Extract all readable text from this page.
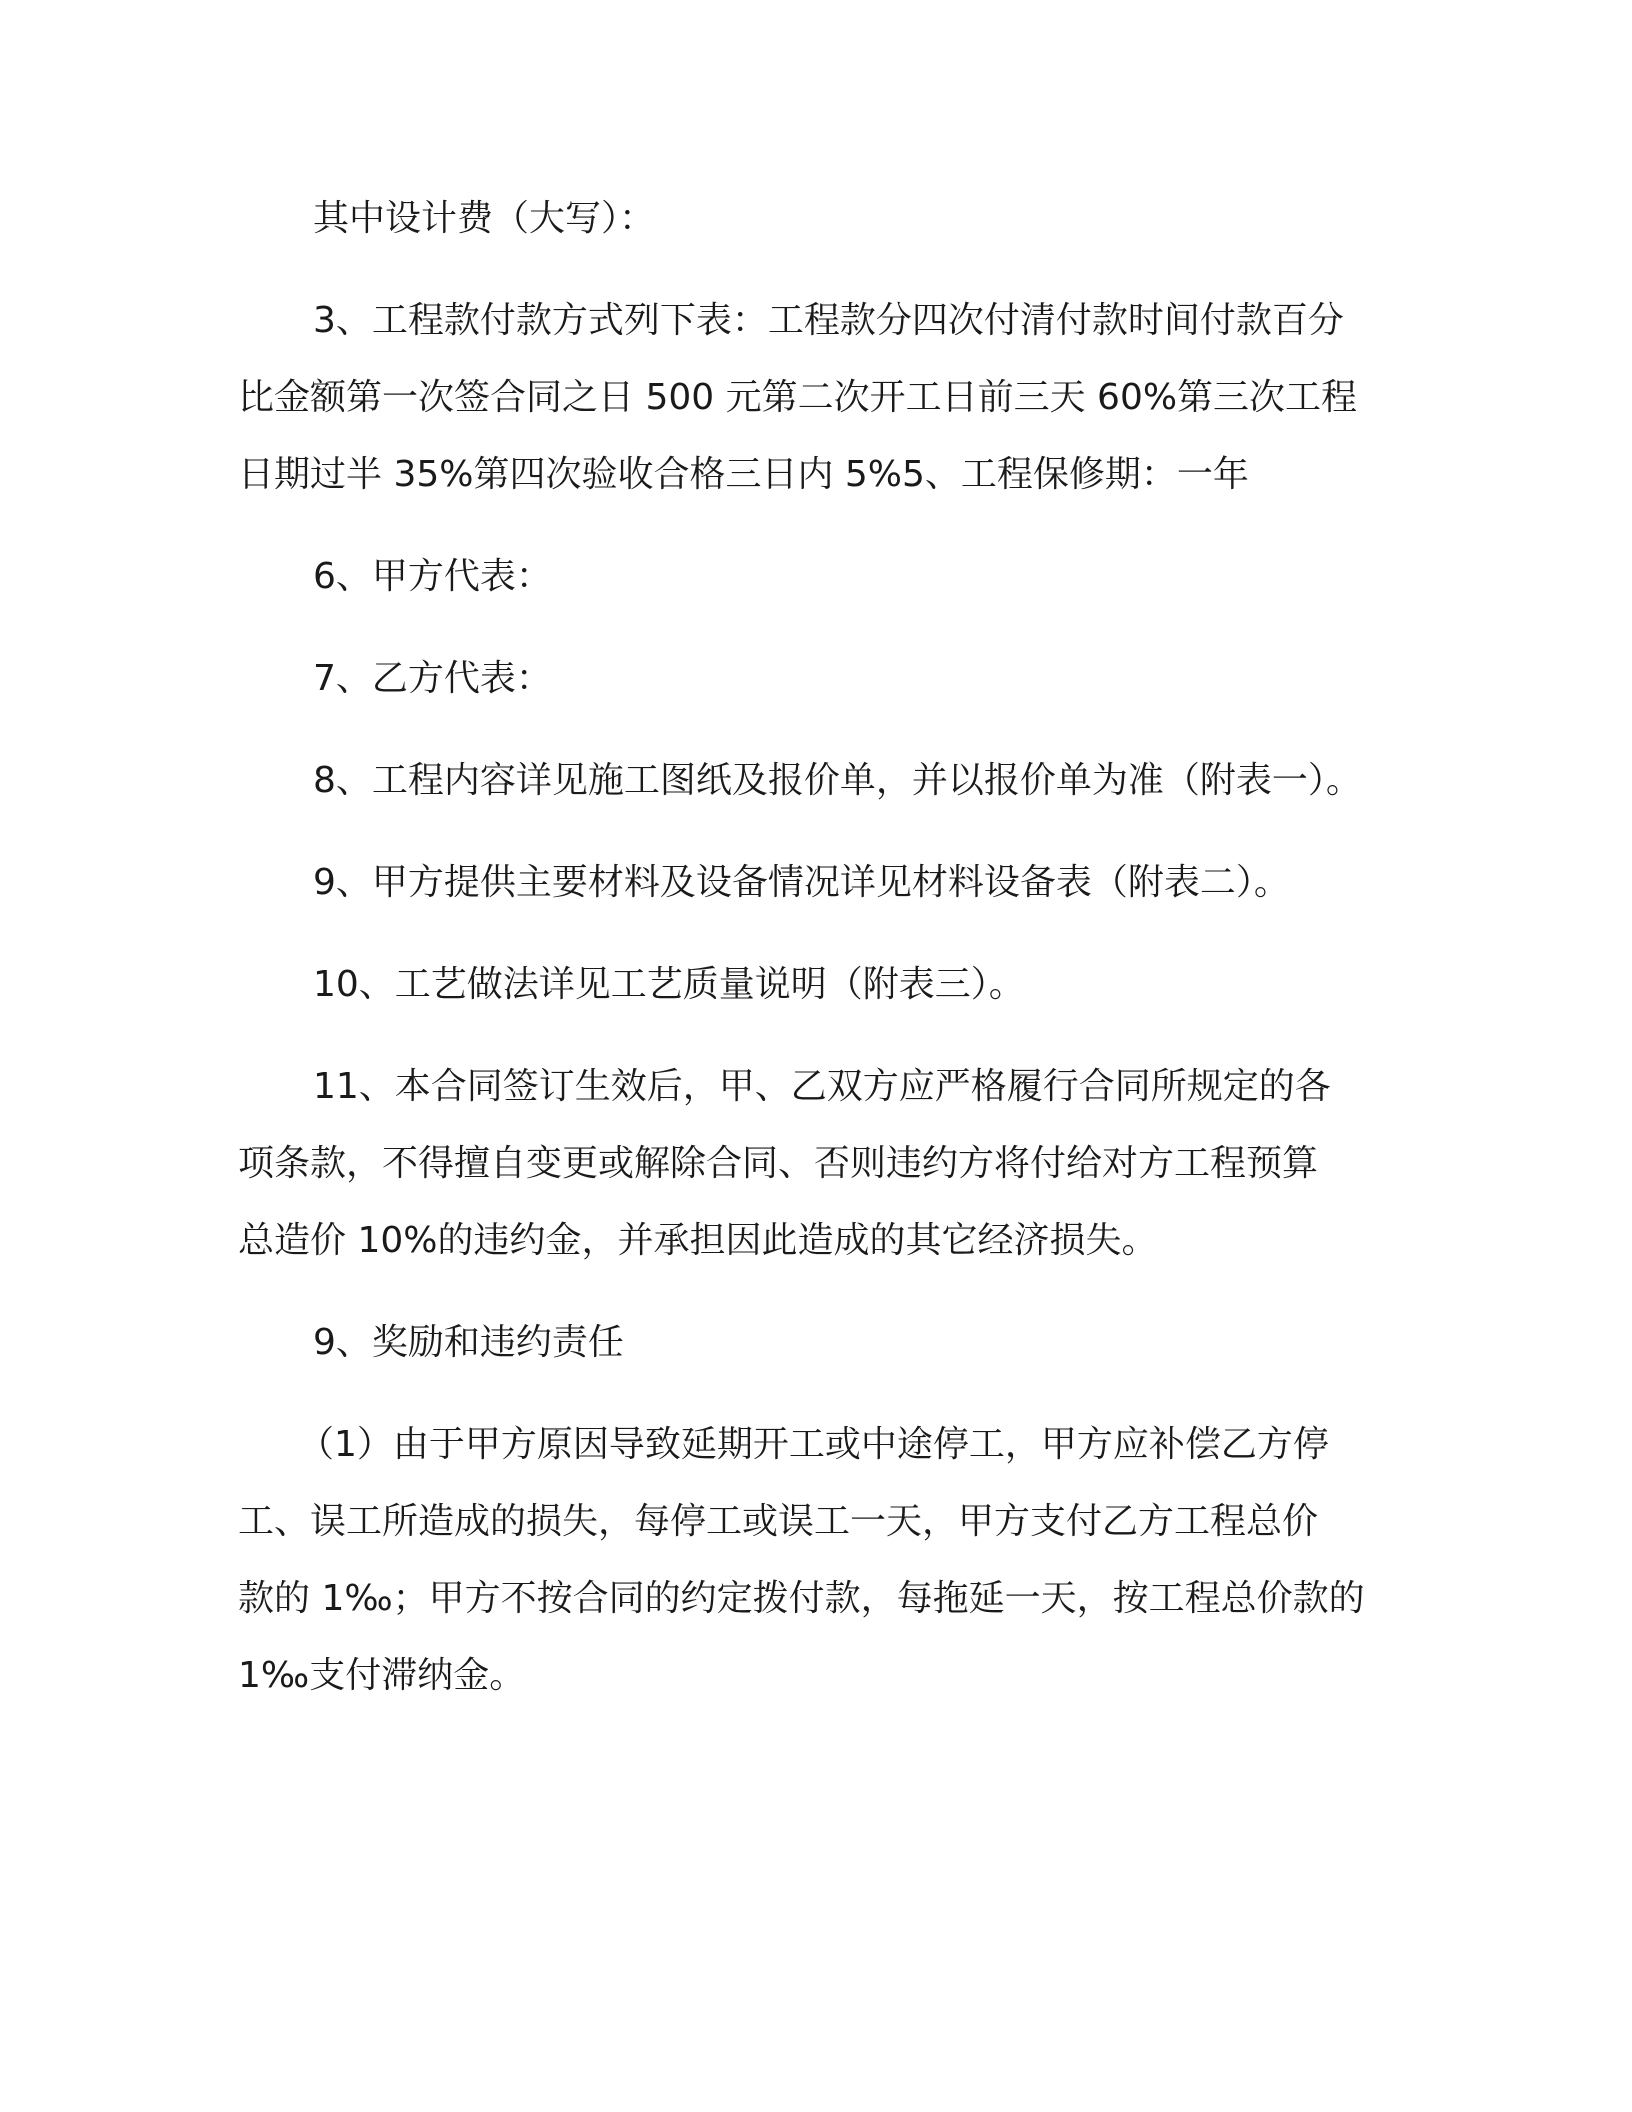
其中设计费（大写）：

3、工程款付款方式列下表：工程款分四次付清付款时间付款百分
比金额第一次签合同之日 500 元第二次开工日前三天 60%第三次工程
日期过半 35%第四次验收合格三日内 5%5、工程保修期：一年

6、甲方代表：

7、乙方代表：

8、工程内容详见施工图纸及报价单，并以报价单为准（附表一）。

9、甲方提供主要材料及设备情况详见材料设备表（附表二）。

10、工艺做法详见工艺质量说明（附表三）。

11、本合同签订生效后，甲、乙双方应严格履行合同所规定的各
项条款，不得擅自变更或解除合同、否则违约方将付给对方工程预算
总造价 10%的违约金，并承担因此造成的其它经济损失。

9、奖励和违约责任

（1）由于甲方原因导致延期开工或中途停工，甲方应补偿乙方停
工、误工所造成的损失，每停工或误工一天，甲方支付乙方工程总价
款的 1‰；甲方不按合同的约定拨付款，每拖延一天，按工程总价款的
1‰支付滞纳金。
